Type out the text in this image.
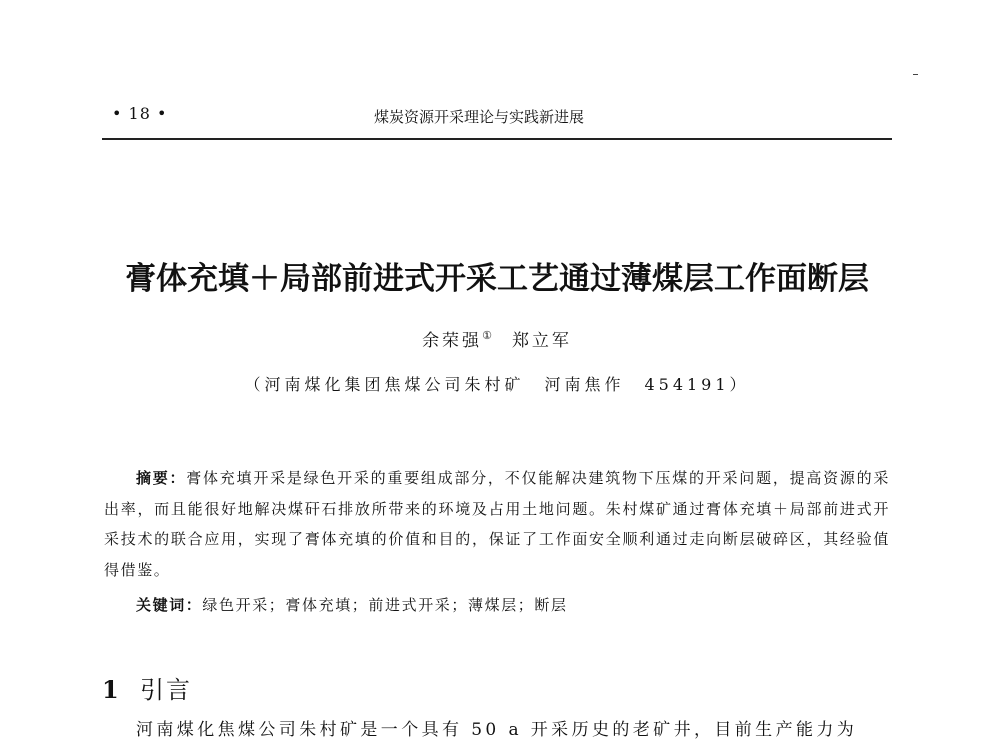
• 18 •	煤炭资源开采理论与实践新进展
膏体充填＋局部前进式开采工艺通过薄煤层工作面断层
余荣强① 郑立军
（河南煤化集团焦煤公司朱村矿　河南焦作　454191）
摘要：膏体充填开采是绿色开采的重要组成部分，不仅能解决建筑物下压煤的开采问题，提高资源的采出率，而且能很好地解决煤矸石排放所带来的环境及占用土地问题。朱村煤矿通过膏体充填＋局部前进式开采技术的联合应用，实现了膏体充填的价值和目的，保证了工作面安全顺利通过走向断层破碎区，其经验值得借鉴。
关键词：绿色开采；膏体充填；前进式开采；薄煤层；断层
1 引言
河南煤化焦煤公司朱村矿是一个具有 50 a 开采历史的老矿井，目前生产能力为
